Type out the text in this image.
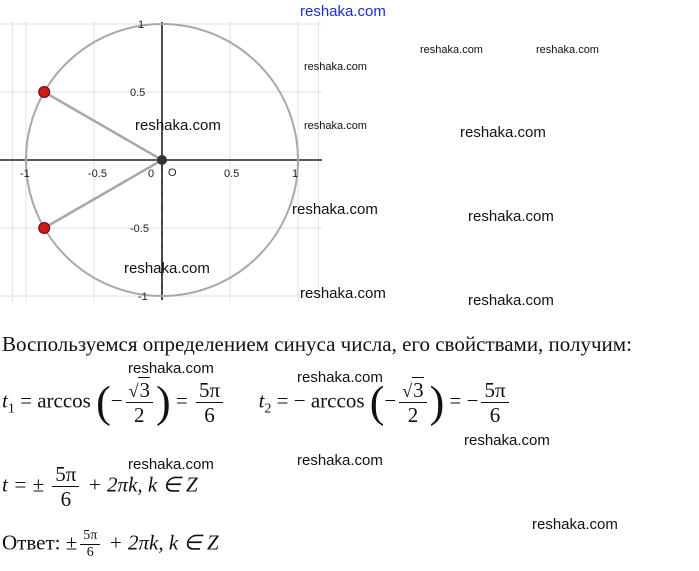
-1	-0.5	0	0.5	1
1
0.5
-0.5
-1
O
reshaka.com
reshaka.com	reshaka.com
reshaka.com
reshaka.com
reshaka.com	reshaka.com
reshaka.com	reshaka.com
reshaka.com
reshaka.com	reshaka.com
reshaka.com
reshaka.com
reshaka.com
reshaka.com	reshaka.com
reshaka.com
Воспользуемся определением синуса числа, его свойствами, получим:
$t_1 = \arccos$ (− $\frac{√3}{2}$ ) = $\frac{5\pi}{6} t_2$ = − arccos (− $\frac{√3}{2}$ ) = − $\frac{5\pi}{6}$
t = ± $\frac{5\pi}{6} + 2\pi k$, k ∈ Z
Ответ: ± $\frac{5\pi}{6} + 2\pi k$, k ∈ Z
